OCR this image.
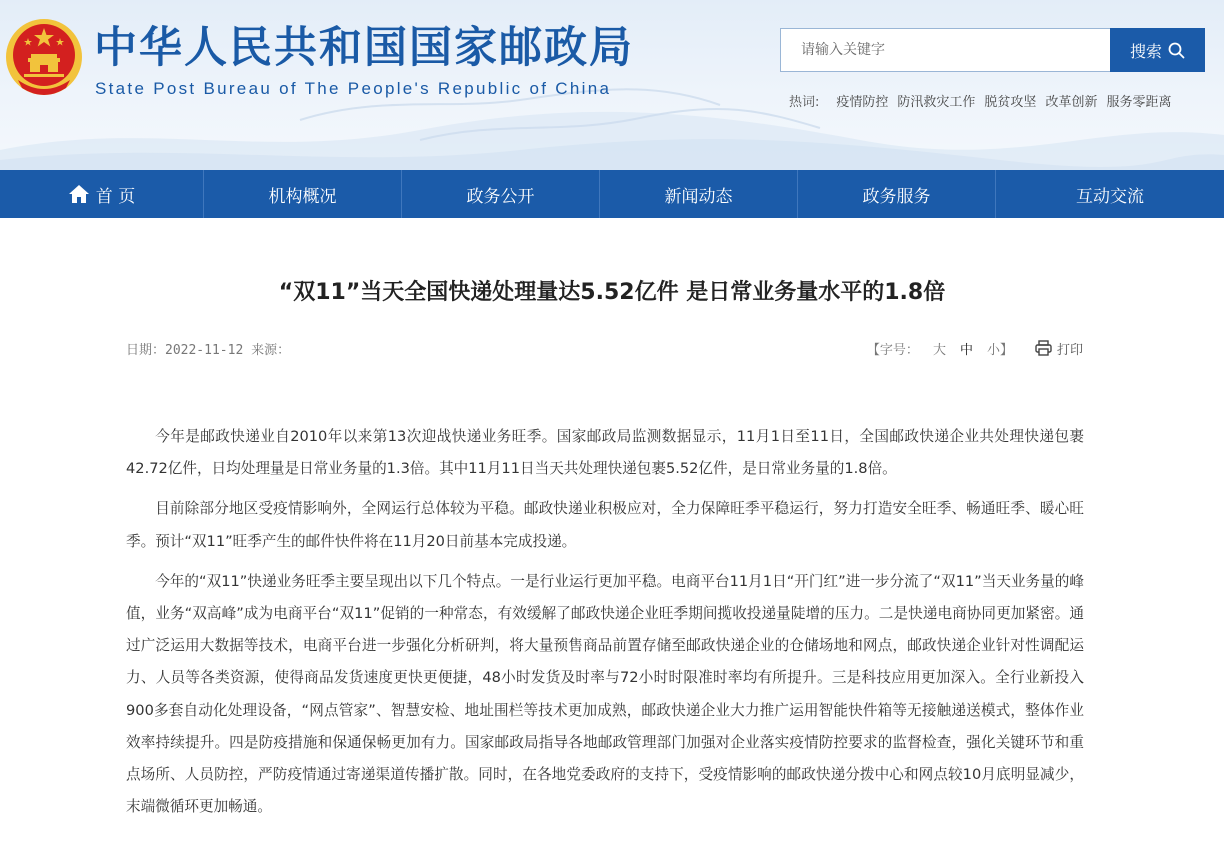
中华人民共和国国家邮政局
State Post Bureau of The People's Republic of China
请输入关键字
搜索
热词: 疫情防控 防汛救灾工作 脱贫攻坚 改革创新 服务零距离
首 页	机构概况	政务公开	新闻动态	政务服务	互动交流
“双11”当天全国快递处理量达5.52亿件 是日常业务量水平的1.8倍
日期：2022-11-12 来源：	【字号： 大 中 小】	打印

今年是邮政快递业自2010年以来第13次迎战快递业务旺季。国家邮政局监测数据显示，11月1日至11日，全国邮政快递企业共处理快递包裹42.72亿件，日均处理量是日常业务量的1.3倍。其中11月11日当天共处理快递包裹5.52亿件，是日常业务量的1.8倍。

目前除部分地区受疫情影响外，全网运行总体较为平稳。邮政快递业积极应对，全力保障旺季平稳运行，努力打造安全旺季、畅通旺季、暖心旺季。预计“双11”旺季产生的邮件快件将在11月20日前基本完成投递。

今年的“双11”快递业务旺季主要呈现出以下几个特点。一是行业运行更加平稳。电商平台11月1日“开门红”进一步分流了“双11”当天业务量的峰值，业务“双高峰”成为电商平台“双11”促销的一种常态，有效缓解了邮政快递企业旺季期间揽收投递量陡增的压力。二是快递电商协同更加紧密。通过广泛运用大数据等技术，电商平台进一步强化分析研判，将大量预售商品前置存储至邮政快递企业的仓储场地和网点，邮政快递企业针对性调配运力、人员等各类资源，使得商品发货速度更快更便捷，48小时发货及时率与72小时时限准时率均有所提升。三是科技应用更加深入。全行业新投入900多套自动化处理设备，“网点管家”、智慧安检、地址围栏等技术更加成熟，邮政快递企业大力推广运用智能快件箱等无接触递送模式，整体作业效率持续提升。四是防疫措施和保通保畅更加有力。国家邮政局指导各地邮政管理部门加强对企业落实疫情防控要求的监督检查，强化关键环节和重点场所、人员防控，严防疫情通过寄递渠道传播扩散。同时，在各地党委政府的支持下，受疫情影响的邮政快递分拨中心和网点较10月底明显减少，末端微循环更加畅通。
